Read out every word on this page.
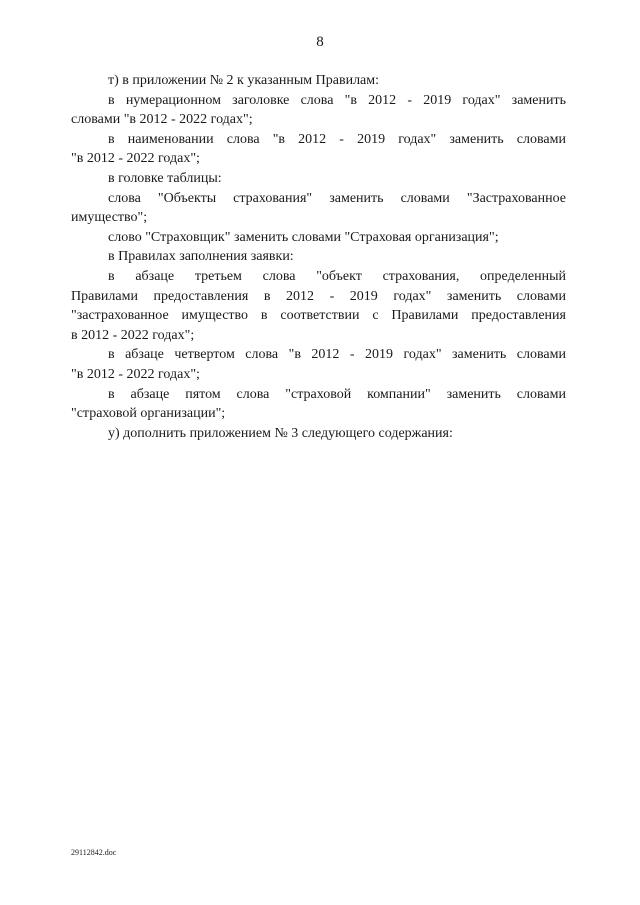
8
т) в приложении № 2 к указанным Правилам:
в нумерационном заголовке слова "в 2012 - 2019 годах" заменить
словами "в 2012 - 2022 годах";
в наименовании слова "в 2012 - 2019 годах" заменить словами
"в 2012 - 2022 годах";
в головке таблицы:
слова "Объекты страхования" заменить словами "Застрахованное
имущество";
слово "Страховщик" заменить словами "Страховая организация";
в Правилах заполнения заявки:
в абзаце третьем слова "объект страхования, определенный
Правилами предоставления в 2012 - 2019 годах" заменить словами
"застрахованное имущество в соответствии с Правилами предоставления
в 2012 - 2022 годах";
в абзаце четвертом слова "в 2012 - 2019 годах" заменить словами
"в 2012 - 2022 годах";
в абзаце пятом слова "страховой компании" заменить словами
"страховой организации";
у) дополнить приложением № 3 следующего содержания:
29112842.doc
